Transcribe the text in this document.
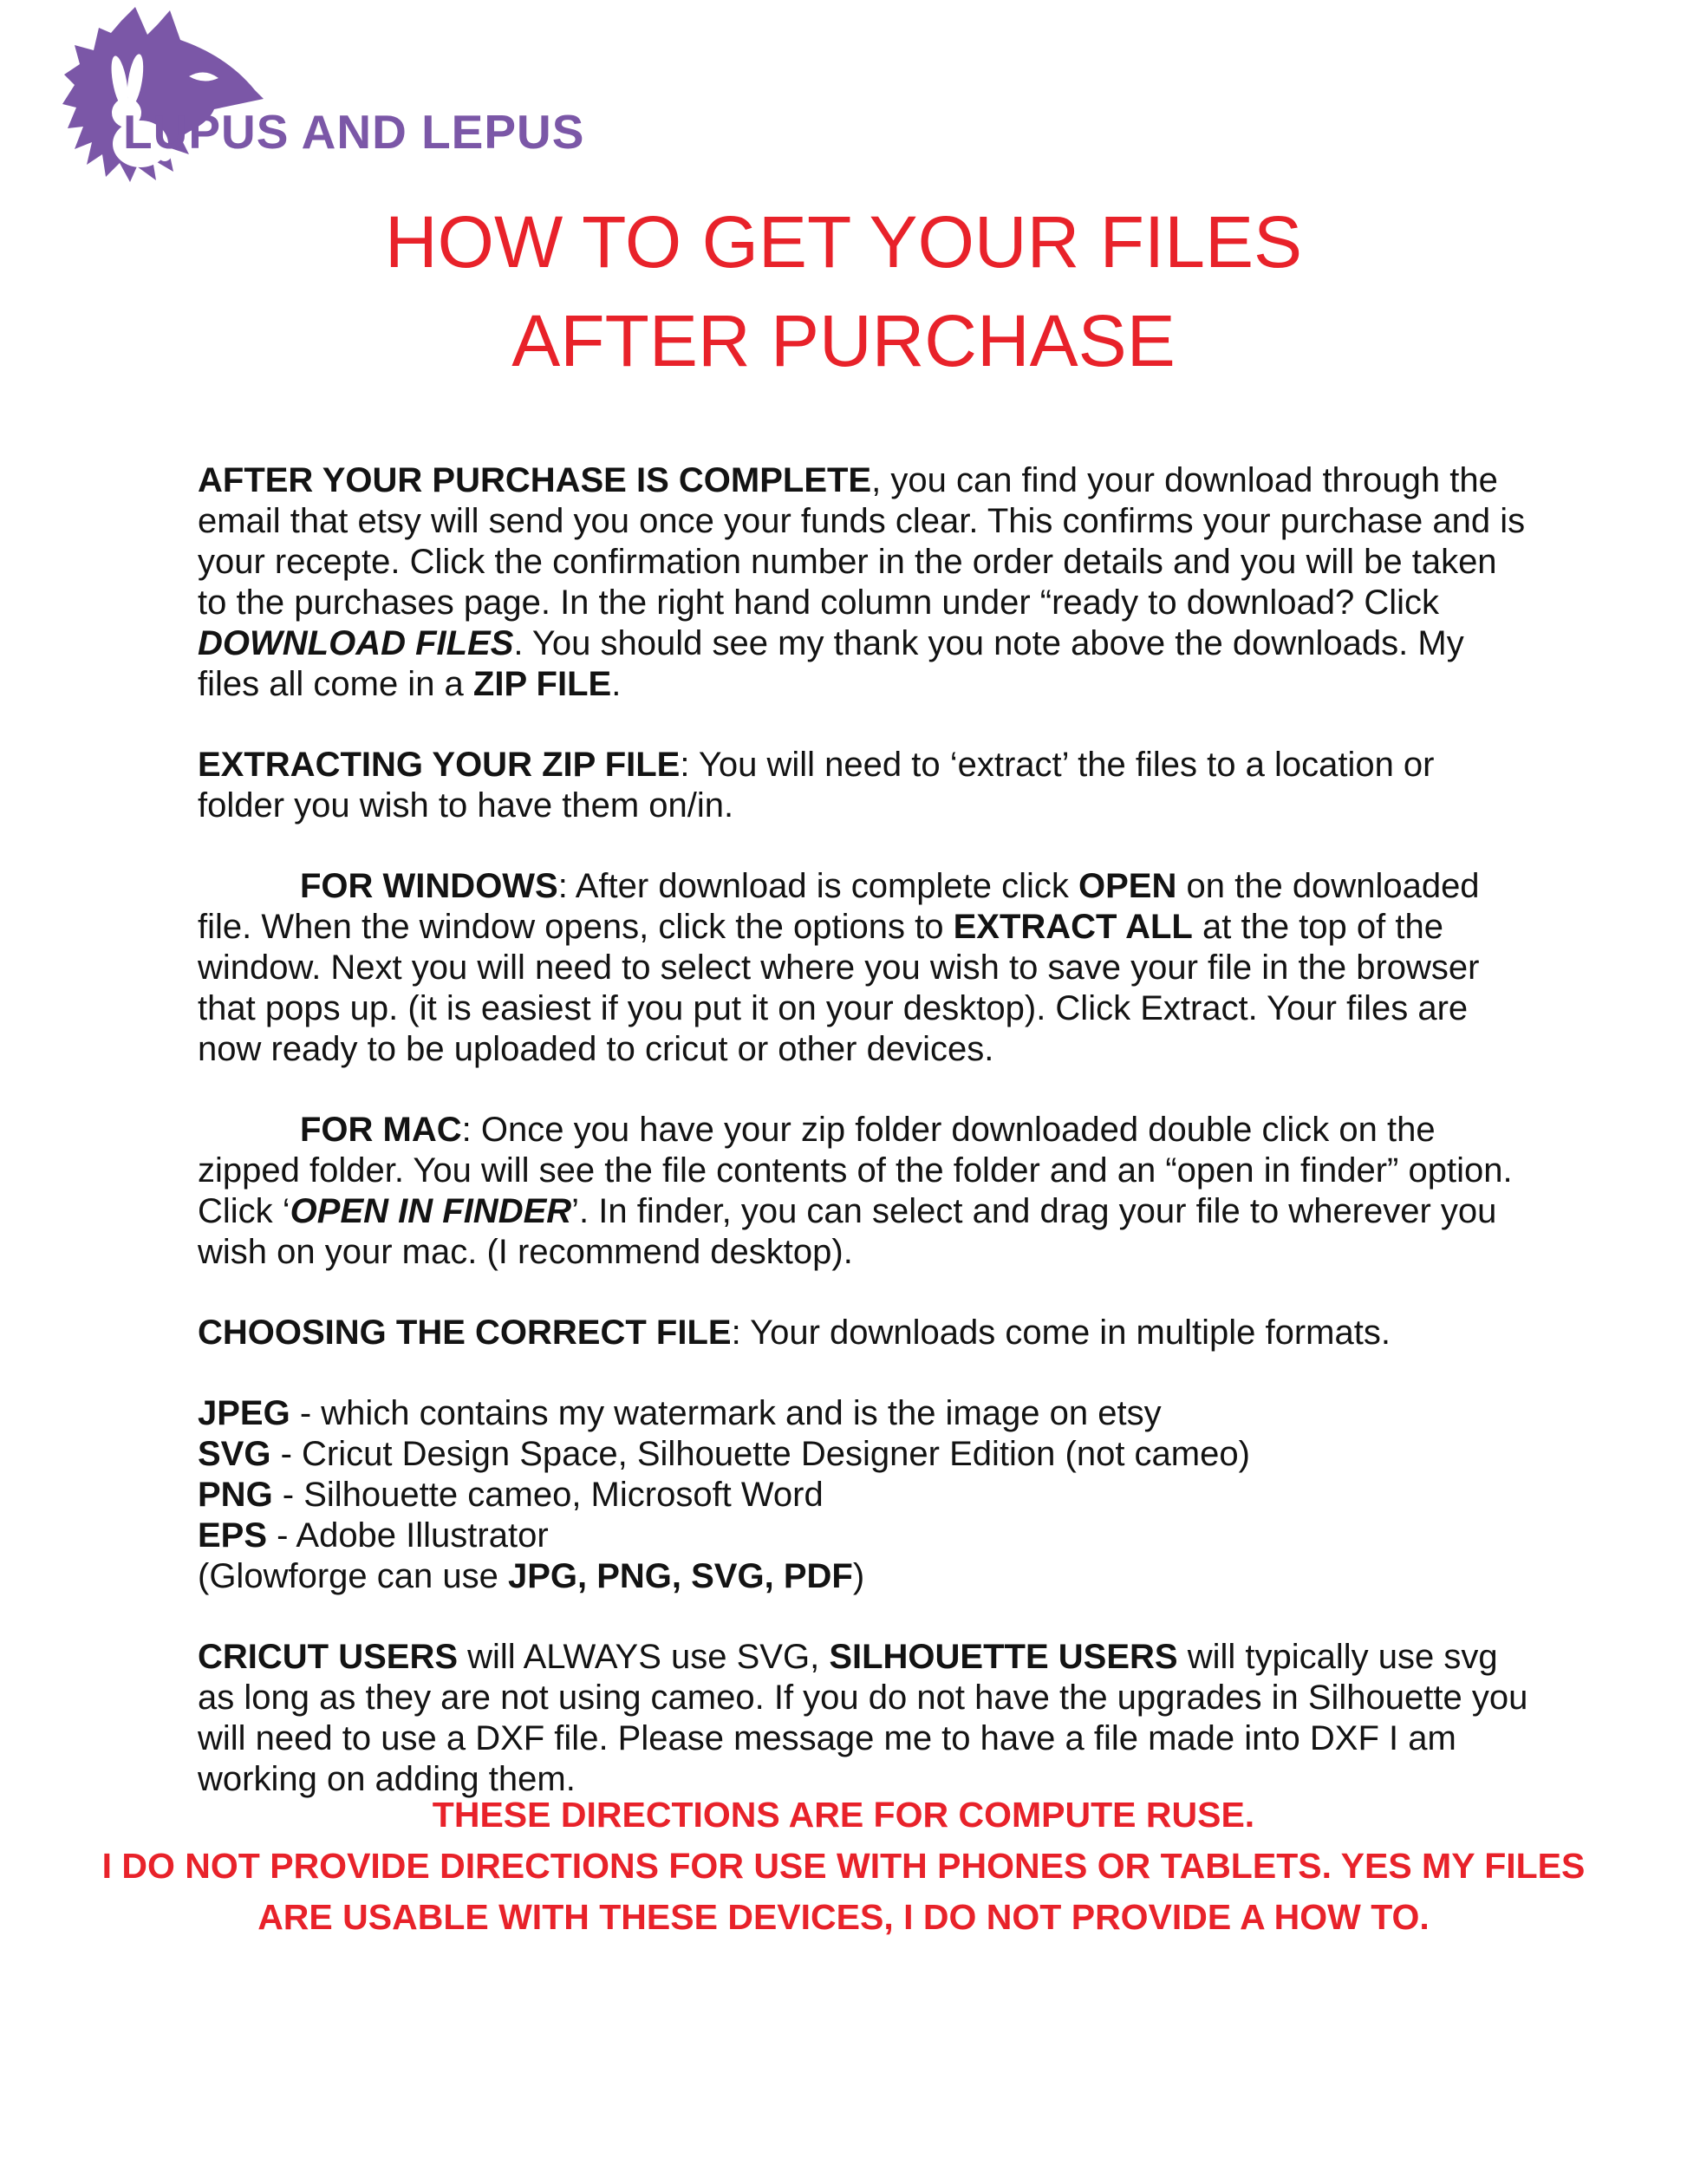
LUPUS AND LEPUS
HOW TO GET YOUR FILES
AFTER PURCHASE

AFTER YOUR PURCHASE IS COMPLETE, you can find your download through the email that etsy will send you once your funds clear. This confirms your purchase and is your recepte. Click the confirmation number in the order details and you will be taken to the purchases page. In the right hand column under “ready to download? Click DOWNLOAD FILES. You should see my thank you note above the downloads. My files all come in a ZIP FILE.

EXTRACTING YOUR ZIP FILE: You will need to ‘extract’ the files to a location or folder you wish to have them on/in.

FOR WINDOWS: After download is complete click OPEN on the downloaded file. When the window opens, click the options to EXTRACT ALL at the top of the window. Next you will need to select where you wish to save your file in the browser that pops up. (it is easiest if you put it on your desktop). Click Extract. Your files are now ready to be uploaded to cricut or other devices.

FOR MAC: Once you have your zip folder downloaded double click on the zipped folder. You will see the file contents of the folder and an “open in finder” option. Click ‘OPEN IN FINDER’. In finder, you can select and drag your file to wherever you wish on your mac. (I recommend desktop).

CHOOSING THE CORRECT FILE: Your downloads come in multiple formats.

JPEG - which contains my watermark and is the image on etsy
SVG - Cricut Design Space, Silhouette Designer Edition (not cameo)
PNG - Silhouette cameo, Microsoft Word
EPS - Adobe Illustrator
(Glowforge can use JPG, PNG, SVG, PDF)

CRICUT USERS will ALWAYS use SVG, SILHOUETTE USERS will typically use svg as long as they are not using cameo. If you do not have the upgrades in Silhouette you will need to use a DXF file. Please message me to have a file made into DXF I am working on adding them.

THESE DIRECTIONS ARE FOR COMPUTE RUSE.
I DO NOT PROVIDE DIRECTIONS FOR USE WITH PHONES OR TABLETS. YES MY FILES
ARE USABLE WITH THESE DEVICES, I DO NOT PROVIDE A HOW TO.
